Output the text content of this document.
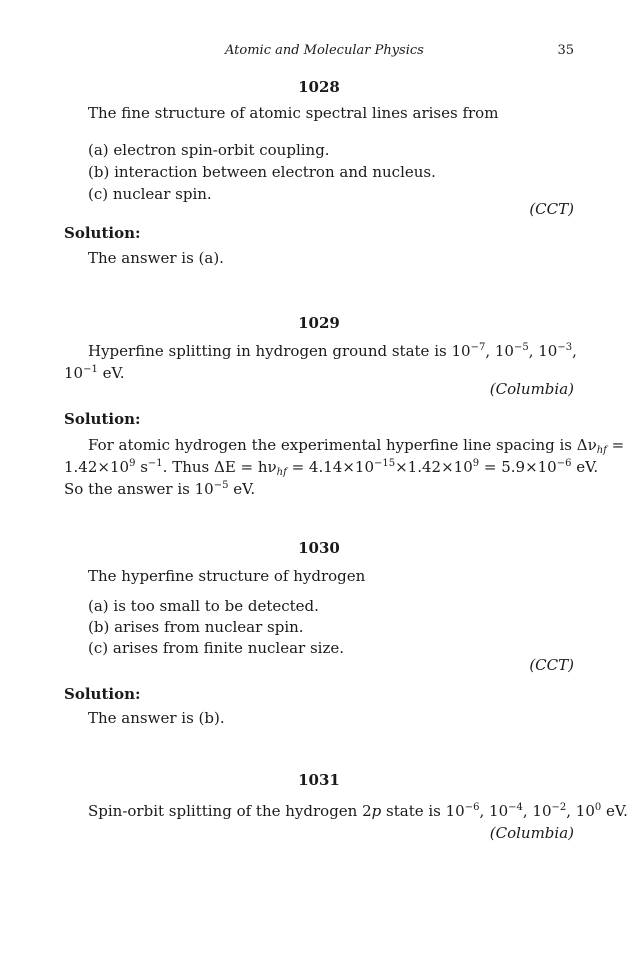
Atomic and Molecular Physics	35
1028
The fine structure of atomic spectral lines arises from
(a) electron spin-orbit coupling.
(b) interaction between electron and nucleus.
(c) nuclear spin.
(CCT)
Solution:
The answer is (a).
1029
Hyperfine splitting in hydrogen ground state is $10^{-7}$, $10^{-5}$, $10^{-3}$,
$10^{-1}$ eV.
(Columbia)
Solution:
For atomic hydrogen the experimental hyperfine line spacing is $\Delta\nu_{hf}$ =
$1.42\times 10^9$ $s^{-1}$. Thus $\Delta E = h\nu_{hf} = 4.14\times 10^{-15}\times 1.42\times 10^9 = 5.9\times 10^{-6}$ eV.
So the answer is $10^{-5}$ eV.
1030
The hyperfine structure of hydrogen
(a) is too small to be detected.
(b) arises from nuclear spin.
(c) arises from finite nuclear size.
(CCT)
Solution:
The answer is (b).
1031
Spin-orbit splitting of the hydrogen 2p state is $10^{-6}$, $10^{-4}$, $10^{-2}$, $10^0$ eV.
(Columbia)
